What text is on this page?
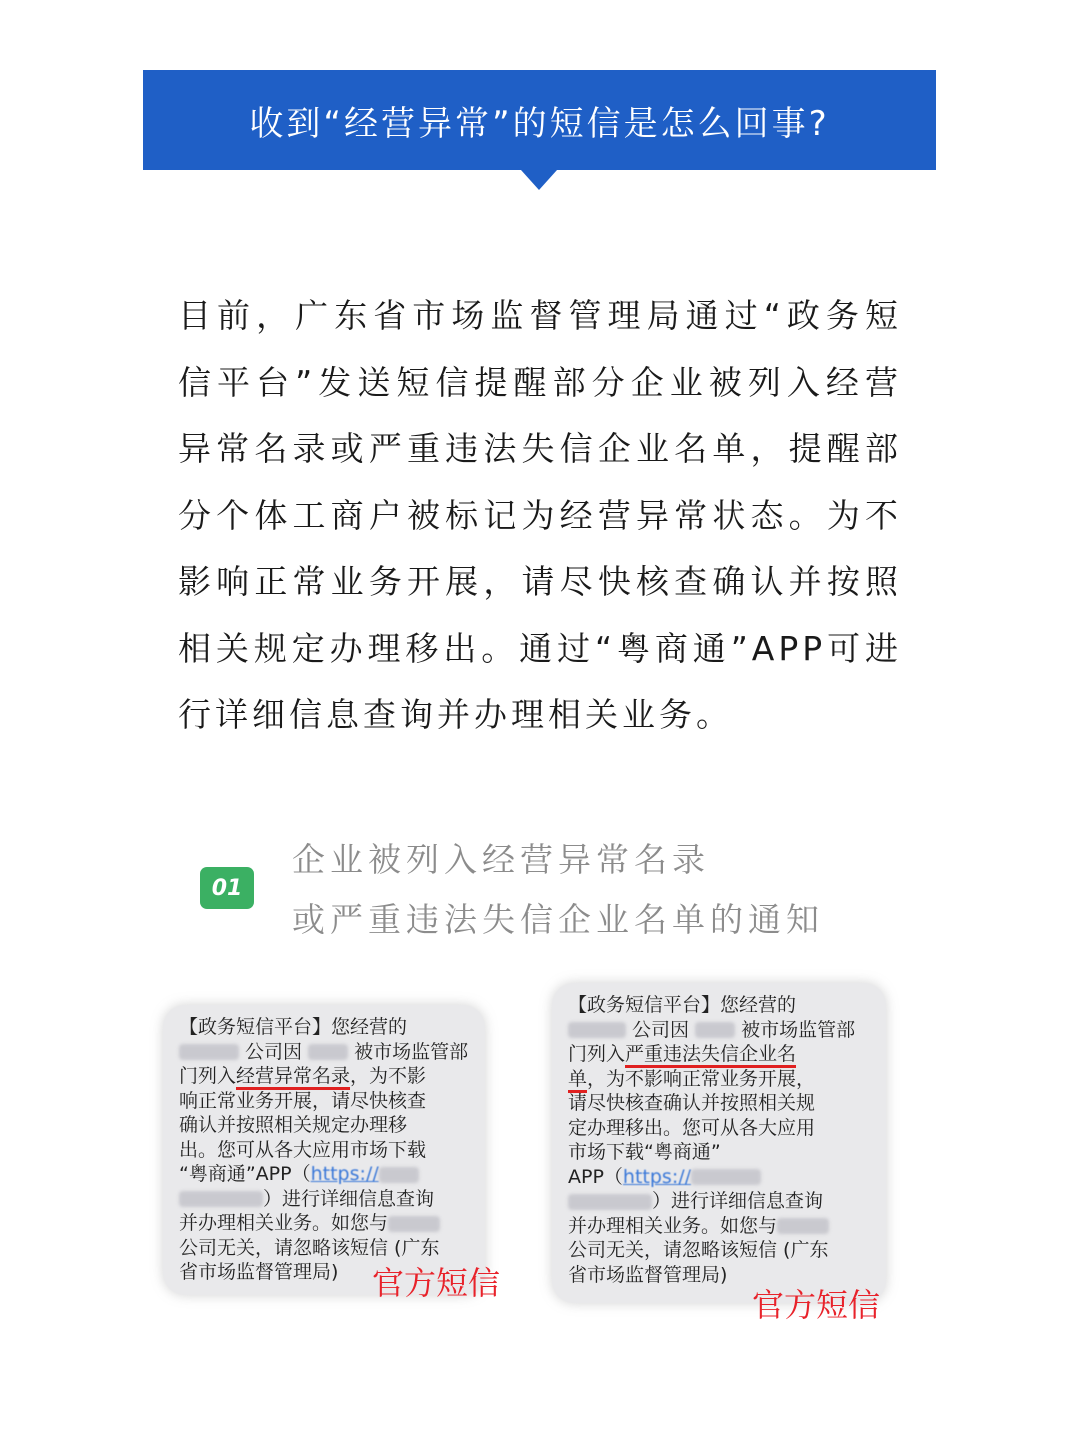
收到“经营异常”的短信是怎么回事?
目前，广东省市场监督管理局通过“政务短信平台”发送短信提醒部分企业被列入经营异常名录或严重违法失信企业名单，提醒部分个体工商户被标记为经营异常状态。为不影响正常业务开展，请尽快核查确认并按照相关规定办理移出。通过“粤商通”APP可进行详细信息查询并办理相关业务。
01
企业被列入经营异常名录
或严重违法失信企业名单的通知
【政务短信平台】您经营的
公司因	被市场监管部
门列入经营异常名录，为不影
响正常业务开展，请尽快核查
确认并按照相关规定办理移
出。您可从各大应用市场下载
“粤商通”APP（https://
）进行详细信息查询
并办理相关业务。如您与
公司无关，请忽略该短信 (广东
省市场监督管理局)	官方短信
【政务短信平台】您经营的
公司因	被市场监管部
门列入严重违法失信企业名
单，为不影响正常业务开展，
请尽快核查确认并按照相关规
定办理移出。您可从各大应用
市场下载“粤商通”
APP（https://
）进行详细信息查询
并办理相关业务。如您与
公司无关，请忽略该短信 (广东
省市场监督管理局)
官方短信
